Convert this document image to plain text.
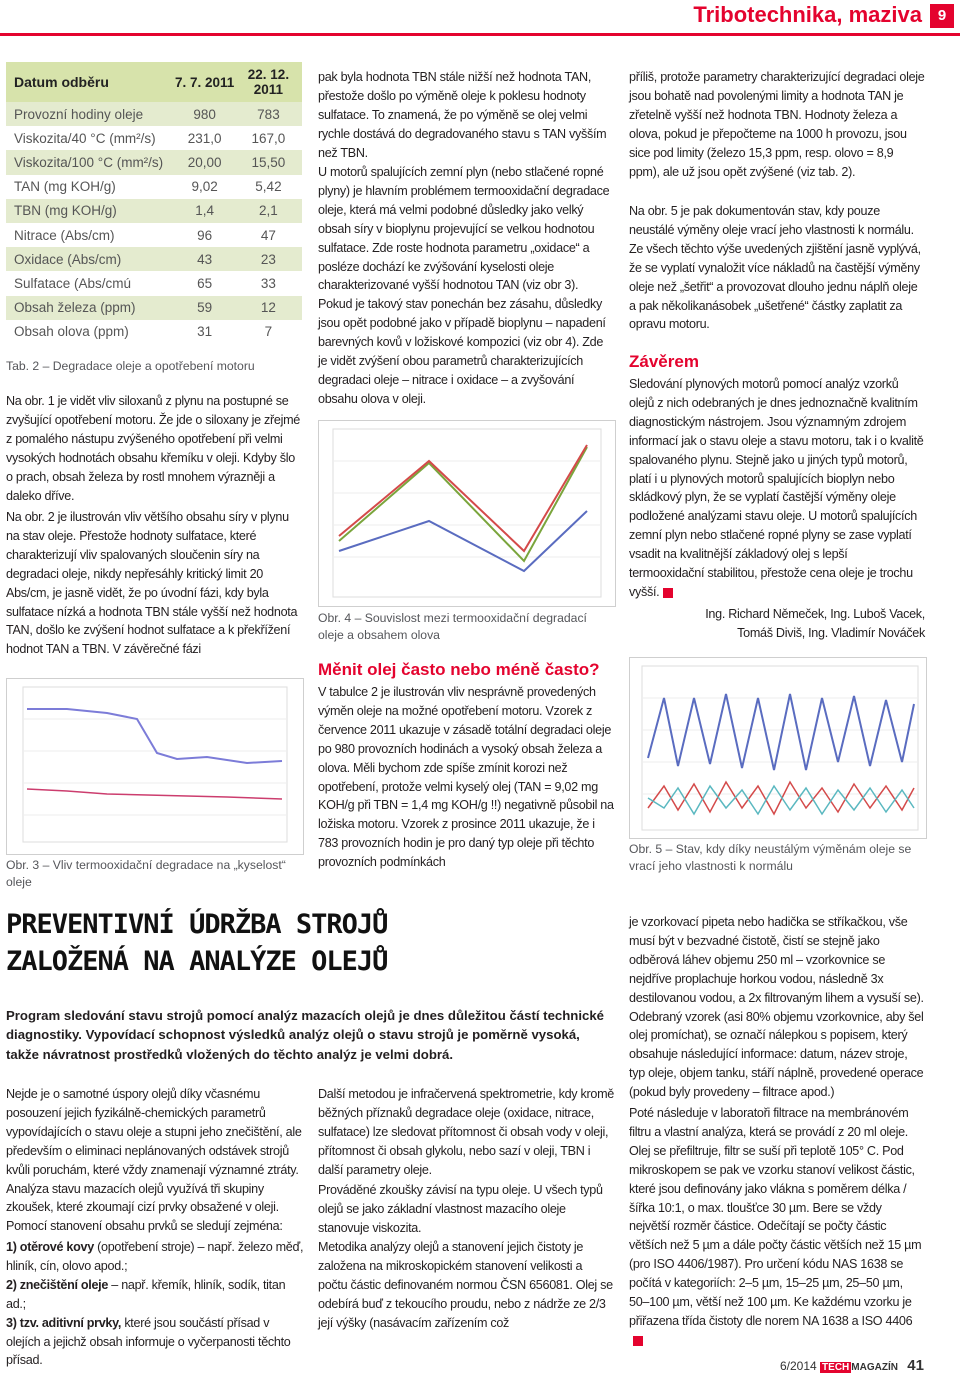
Tribotechnika, maziva	9
Datum odběru	7. 7. 2011	22. 12. 2011
Provozní hodiny oleje	980	783
Viskozita/40 °C (mm²/s)	231,0	167,0
Viskozita/100 °C (mm²/s)	20,00	15,50
TAN (mg KOH/g)	9,02	5,42
TBN (mg KOH/g)	1,4	2,1
Nitrace (Abs/cm)	96	47
Oxidace (Abs/cm)	43	23
Sulfatace (Abs/cmú	65	33
Obsah železa (ppm)	59	12
Obsah olova (ppm)	31	7
Tab. 2 – Degradace oleje a opotřebení motoru

Na obr. 1 je vidět vliv siloxanů z plynu na postupné se zvyšující opotřebení motoru. Že jde o siloxany je zřejmé z pomalého nástupu zvýšeného opotřebení při velmi vysokých hodnotách obsahu křemíku v oleji. Kdyby šlo o prach, obsah železa by rostl mnohem výrazněji a daleko dříve.

Na obr. 2 je ilustrován vliv většího obsahu síry v plynu na stav oleje. Přestože hodnoty sulfatace, které charakterizují vliv spalovaných sloučenin síry na degradaci oleje, nikdy nepřesáhly kritický limit 20 Abs/cm, je jasně vidět, že po úvodní fázi, kdy byla sulfatace nízká a hodnota TBN stále vyšší než hodnota TAN, došlo ke zvýšení hodnot sulfatace a k překřížení hodnot TAN a TBN. V závěrečné fázi

Obr. 3 – Vliv termooxidační degradace na „kyselost“ oleje

pak byla hodnota TBN stále nižší než hodnota TAN, přestože došlo po výměně oleje k poklesu hodnoty sulfatace. To znamená, že po výměně se olej velmi rychle dostává do degradovaného stavu s TAN vyšším než TBN.

U motorů spalujících zemní plyn (nebo stlačené ropné plyny) je hlavním problémem termooxidační degradace oleje, která má velmi podobné důsledky jako velký obsah síry v bioplynu projevující se velkou hodnotou sulfatace. Zde roste hodnota parametru „oxidace“ a posléze dochází ke zvýšování kyselosti oleje charakterizované vyšší hodnotou TAN (viz obr 3). Pokud je takový stav ponechán bez zásahu, důsledky jsou opět podobné jako v případě bioplynu – napadení barevných kovů v ložiskové kompozici (viz obr 4). Zde je vidět zvýšení obou parametrů charakterizujících degradaci oleje – nitrace i oxidace – a zvyšování obsahu olova v oleji.

Obr. 4 – Souvislost mezi termooxidační degradací oleje a obsahem olova
Měnit olej často nebo méně často?

V tabulce 2 je ilustrován vliv nesprávně provedených výměn oleje na možné opotřebení motoru. Vzorek z července 2011 ukazuje v zásadě totální degradaci oleje po 980 provozních hodinách a vysoký obsah železa a olova. Měli bychom zde spíše zmínit korozi než opotřebení, protože velmi kyselý olej (TAN = 9,02 mg KOH/g při TBN = 1,4 mg KOH/g !!) negativně působil na ložiska motoru. Vzorek z prosince 2011 ukazuje, že i 783 provozních hodin je pro daný typ oleje při těchto provozních podmínkách

příliš, protože parametry charakterizující degradaci oleje jsou bohatě nad povolenými limity a hodnota TAN je zřetelně vyšší než hodnota TBN. Hodnoty železa a olova, pokud je přepočteme na 1000 h provozu, jsou sice pod limity (železo 15,3 ppm, resp. olovo = 8,9 ppm), ale už jsou opět zvýšené (viz tab. 2).

Na obr. 5 je pak dokumentován stav, kdy pouze neustálé výměny oleje vrací jeho vlastnosti k normálu. Ze všech těchto výše uvedených zjištění jasně vyplývá, že se vyplatí vynaložit více nákladů na častější výměny oleje než „šetřit“ a provozovat dlouho jednu náplň oleje a pak několikanásobek „ušetřené“ částky zaplatit za opravu motoru.

Závěrem

Sledování plynových motorů pomocí analýz vzorků olejů z nich odebraných je dnes jednoznačně kvalitním diagnostickým nástrojem. Jsou významným zdrojem informací jak o stavu oleje a stavu motoru, tak i o kvalitě spalovaného plynu. Stejně jako u jiných typů motorů, platí i u plynových motorů spalujících bioplyn nebo skládkový plyn, že se vyplatí častější výměny oleje podložené analýzami stavu oleje. U motorů spalujících zemní plyn nebo stlačené ropné plyny se zase vyplatí vsadit na kvalitnější základový olej s lepší termooxidační stabilitou, přestože cena oleje je trochu vyšší.

Ing. Richard Němeček, Ing. Luboš Vacek,
Tomáš Diviš, Ing. Vladimír Nováček
Obr. 5 – Stav, kdy díky neustálým výměnám oleje se vrací jeho vlastnosti k normálu
PREVENTIVNÍ ÚDRŽBA STROJŮ
ZALOŽENÁ NA ANALÝZE OLEJŮ

Program sledování stavu strojů pomocí analýz mazacích olejů je dnes důležitou částí technické diagnostiky. Vypovídací schopnost výsledků analýz olejů o stavu strojů je poměrně vysoká, takže návratnost prostředků vložených do těchto analýz je velmi dobrá.

Nejde je o samotné úspory olejů díky včasnému posouzení jejich fyzikálně-chemických parametrů vypovídajících o stavu oleje a stupni jeho znečištění, ale především o eliminaci neplánovaných odstávek strojů kvůli poruchám, které vždy znamenají významné ztráty. Analýza stavu mazacích olejů využívá tři skupiny zkoušek, které zkoumají cizí prvky obsažené v oleji. Pomocí stanovení obsahu prvků se sledují zejména:

1) otěrové kovy (opotřebení stroje) – např. železo měď, hliník, cín, olovo apod.;
2) znečištění oleje – např. křemík, hliník, sodík, titan ad.;
3) tzv. aditivní prvky, které jsou součástí přísad v olejích a jejichž obsah informuje o vyčerpanosti těchto přísad.

Další metodou je infračervená spektrometrie, kdy kromě běžných příznaků degradace oleje (oxidace, nitrace, sulfatace) lze sledovat přítomnost či obsah vody v oleji, přítomnost či obsah glykolu, nebo sazí v oleji, TBN i další parametry oleje.

Prováděné zkoušky závisí na typu oleje. U všech typů olejů se jako základní vlastnost mazacího oleje stanovuje viskozita.

Metodika analýzy olejů a stanovení jejich čistoty je založena na mikroskopickém stanovení velikosti a počtu částic definovaném normou ČSN 656081. Olej se odebírá buď z tekoucího proudu, nebo z nádrže ze 2/3 její výšky (nasávacím zařízením což

je vzorkovací pipeta nebo hadička se stříkačkou, vše musí být v bezvadné čistotě, čistí se stejně jako odběrová láhev objemu 250 ml – vzorkovnice se nejdříve proplachuje horkou vodou, následně 3x destilovanou vodou, a 2x filtrovaným lihem a vysuší se). Odebraný vzorek (asi 80% objemu vzorkovnice, aby šel olej promíchat), se označí nálepkou s popisem, který obsahuje následující informace: datum, název stroje, typ oleje, objem tanku, stáří náplně, provedené operace (pokud byly provedeny – filtrace apod.)

Poté následuje v laboratoři filtrace na membránovém filtru a vlastní analýza, která se provádí z 20 ml oleje. Olej se přefiltruje, filtr se suší při teplotě 105° C. Pod mikroskopem se pak ve vzorku stanoví velikost částic, které jsou definovány jako vlákna s poměrem délka / šířka 10:1, o max. tloušťce 30 µm. Bere se vždy největší rozměr částice. Odečítají se počty částic větších než 5 µm a dále počty částic větších než 15 µm (pro ISO 4406/1987). Pro určení kódu NAS 1638 se počítá v kategoriích: 2–5 µm, 15–25 µm, 25–50 µm, 50–100 µm, větší než 100 µm. Ke každému vzorku je přiřazena třída čistoty dle norem NA 1638 a ISO 4406

6/2014 TECH MAGAZÍN 41
